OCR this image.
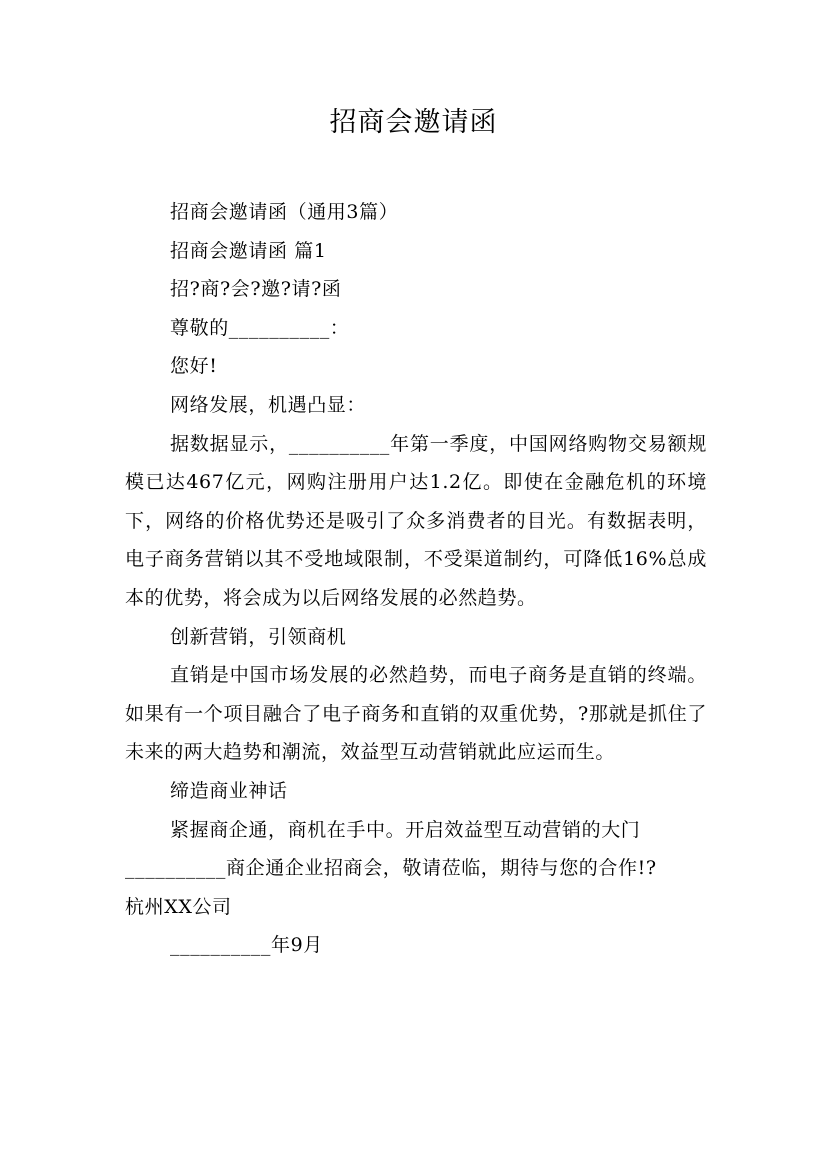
招商会邀请函

招商会邀请函（通用3篇）

招商会邀请函 篇1

招?商?会?邀?请?函

尊敬的__________：

您好!

网络发展，机遇凸显：

据数据显示，__________年第一季度，中国网络购物交易额规模已达467亿元，网购注册用户达1.2亿。即使在金融危机的环境下，网络的价格优势还是吸引了众多消费者的目光。有数据表明，电子商务营销以其不受地域限制，不受渠道制约，可降低16%总成本的优势，将会成为以后网络发展的必然趋势。

创新营销，引领商机

直销是中国市场发展的必然趋势，而电子商务是直销的终端。如果有一个项目融合了电子商务和直销的双重优势，?那就是抓住了未来的两大趋势和潮流，效益型互动营销就此应运而生。

缔造商业神话

紧握商企通，商机在手中。开启效益型互动营销的大门

__________商企通企业招商会，敬请莅临，期待与您的合作!?

杭州XX公司

__________年9月
